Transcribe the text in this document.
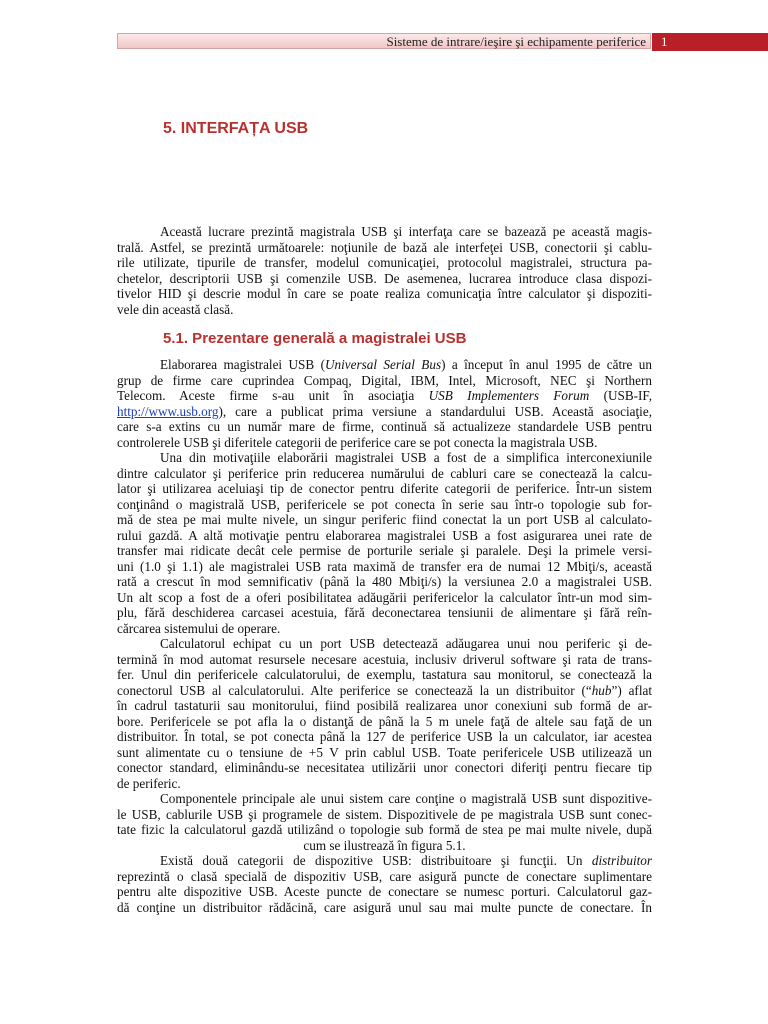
Sisteme de intrare/ieşire şi echipamente periferice	1
5. INTERFAȚA USB
Această lucrare prezintă magistrala USB şi interfaţa care se bazează pe această magis-
trală. Astfel, se prezintă următoarele: noţiunile de bază ale interfeţei USB, conectorii şi cablu-
rile utilizate, tipurile de transfer, modelul comunicaţiei, protocolul magistralei, structura pa-
chetelor, descriptorii USB şi comenzile USB. De asemenea, lucrarea introduce clasa dispozi-
tivelor HID şi descrie modul în care se poate realiza comunicaţia între calculator şi dispoziti-
vele din această clasă.
5.1. Prezentare generală a magistralei USB
Elaborarea magistralei USB (Universal Serial Bus) a început în anul 1995 de către un
grup de firme care cuprindea Compaq, Digital, IBM, Intel, Microsoft, NEC şi Northern
Telecom. Aceste firme s-au unit în asociaţia USB Implementers Forum (USB-IF,
http://www.usb.org), care a publicat prima versiune a standardului USB. Această asociaţie,
care s-a extins cu un număr mare de firme, continuă să actualizeze standardele USB pentru
controlerele USB şi diferitele categorii de periferice care se pot conecta la magistrala USB.
Una din motivaţiile elaborării magistralei USB a fost de a simplifica interconexiunile
dintre calculator şi periferice prin reducerea numărului de cabluri care se conectează la calcu-
lator şi utilizarea aceluiaşi tip de conector pentru diferite categorii de periferice. Într-un sistem
conţinând o magistrală USB, perifericele se pot conecta în serie sau într-o topologie sub for-
mă de stea pe mai multe nivele, un singur periferic fiind conectat la un port USB al calculato-
rului gazdă. A altă motivaţie pentru elaborarea magistralei USB a fost asigurarea unei rate de
transfer mai ridicate decât cele permise de porturile seriale şi paralele. Deşi la primele versi-
uni (1.0 şi 1.1) ale magistralei USB rata maximă de transfer era de numai 12 Mbiţi/s, această
rată a crescut în mod semnificativ (până la 480 Mbiţi/s) la versiunea 2.0 a magistralei USB.
Un alt scop a fost de a oferi posibilitatea adăugării perifericelor la calculator într-un mod sim-
plu, fără deschiderea carcasei acestuia, fără deconectarea tensiunii de alimentare şi fără reîn-
cărcarea sistemului de operare.
Calculatorul echipat cu un port USB detectează adăugarea unui nou periferic şi de-
termină în mod automat resursele necesare acestuia, inclusiv driverul software şi rata de trans-
fer. Unul din perifericele calculatorului, de exemplu, tastatura sau monitorul, se conectează la
conectorul USB al calculatorului. Alte periferice se conectează la un distribuitor (“hub”) aflat
în cadrul tastaturii sau monitorului, fiind posibilă realizarea unor conexiuni sub formă de ar-
bore. Perifericele se pot afla la o distanţă de până la 5 m unele faţă de altele sau faţă de un
distribuitor. În total, se pot conecta până la 127 de periferice USB la un calculator, iar acestea
sunt alimentate cu o tensiune de +5 V prin cablul USB. Toate perifericele USB utilizează un
conector standard, eliminându-se necesitatea utilizării unor conectori diferiţi pentru fiecare tip
de periferic.
Componentele principale ale unui sistem care conţine o magistrală USB sunt dispozitive-
le USB, cablurile USB şi programele de sistem. Dispozitivele de pe magistrala USB sunt conec-
tate fizic la calculatorul gazdă utilizând o topologie sub formă de stea pe mai multe nivele, după
cum se ilustrează în figura 5.1.
Există două categorii de dispozitive USB: distribuitoare şi funcţii. Un distribuitor
reprezintă o clasă specială de dispozitiv USB, care asigură puncte de conectare suplimentare
pentru alte dispozitive USB. Aceste puncte de conectare se numesc porturi. Calculatorul gaz-
dă conţine un distribuitor rădăcină, care asigură unul sau mai multe puncte de conectare. În
